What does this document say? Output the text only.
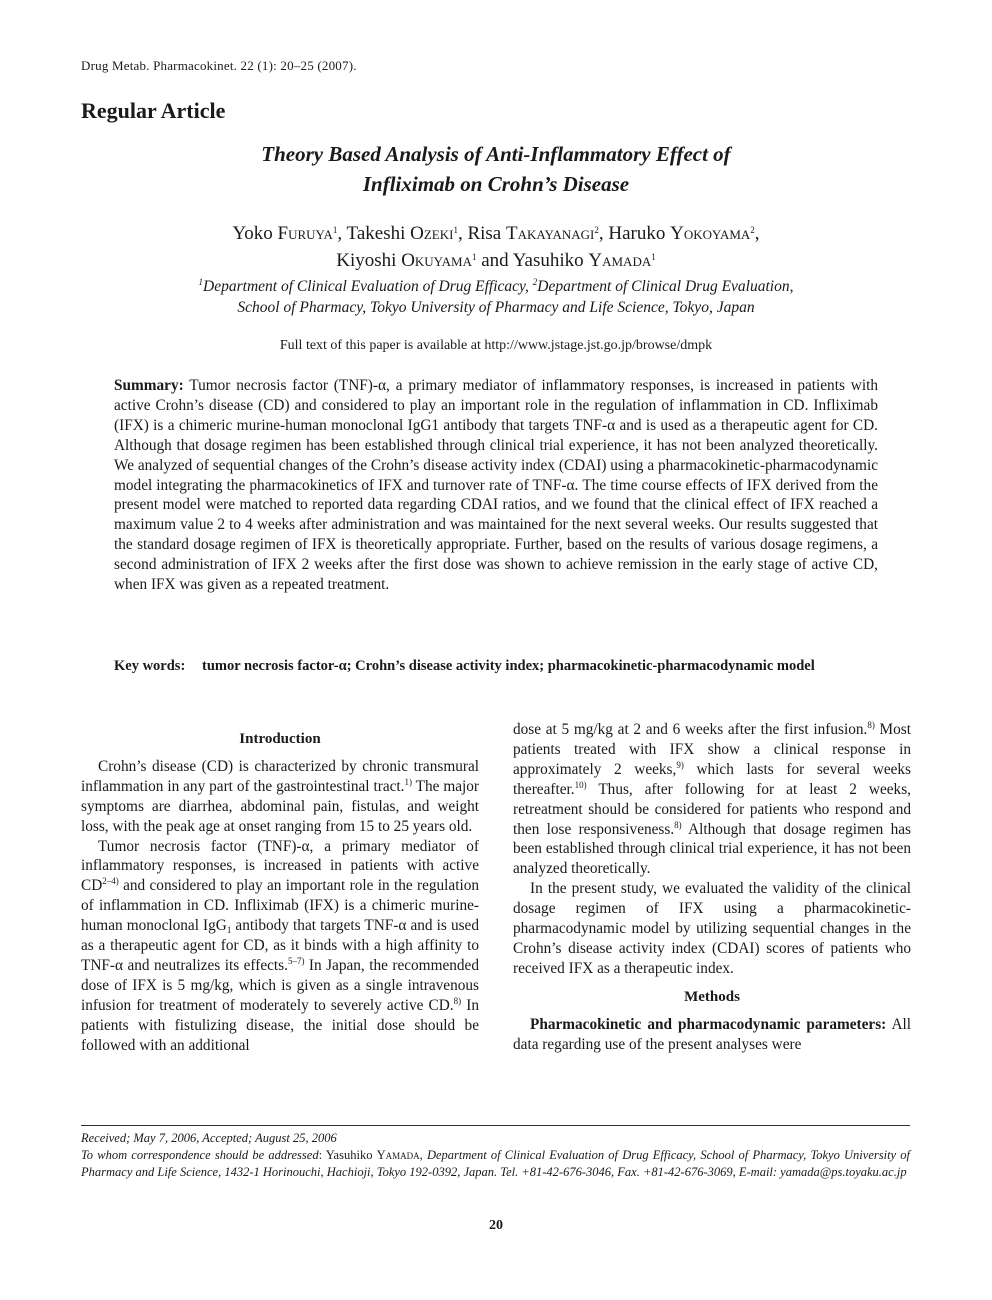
Drug Metab. Pharmacokinet. 22 (1): 20–25 (2007).
Regular Article
Theory Based Analysis of Anti-Inflammatory Effect of
Infliximab on Crohn’s Disease
Yoko Furuya$^1$, Takeshi Ozeki$^1$, Risa Takayanagi$^2$, Haruko Yokoyama$^2$,
Kiyoshi Okuyama$^1$ and Yasuhiko Yamada$^1$
$^1$Department of Clinical Evaluation of Drug Efficacy, $^2$Department of Clinical Drug Evaluation,
School of Pharmacy, Tokyo University of Pharmacy and Life Science, Tokyo, Japan
Full text of this paper is available at http://www.jstage.jst.go.jp/browse/dmpk
Summary: Tumor necrosis factor (TNF)-α, a primary mediator of inflammatory responses, is increased in patients with active Crohn’s disease (CD) and considered to play an important role in the regulation of inflammation in CD. Infliximab (IFX) is a chimeric murine-human monoclonal IgG1 antibody that targets TNF-α and is used as a therapeutic agent for CD. Although that dosage regimen has been established through clinical trial experience, it has not been analyzed theoretically. We analyzed of sequential changes of the Crohn’s disease activity index (CDAI) using a pharmacokinetic-pharmacodynamic model integrating the pharmacokinetics of IFX and turnover rate of TNF-α. The time course effects of IFX derived from the present model were matched to reported data regarding CDAI ratios, and we found that the clinical effect of IFX reached a maximum value 2 to 4 weeks after administration and was maintained for the next several weeks. Our results suggested that the standard dosage regimen of IFX is theoretically appropriate. Further, based on the results of various dosage regimens, a second administration of IFX 2 weeks after the first dose was shown to achieve remission in the early stage of active CD, when IFX was given as a repeated treatment.
Key words:	tumor necrosis factor-α; Crohn’s disease activity index; pharmacokinetic-pharmacodynamic model
Introduction

Crohn’s disease (CD) is characterized by chronic transmural inflammation in any part of the gastrointestinal tract.$^{1)}$ The major symptoms are diarrhea, abdominal pain, fistulas, and weight loss, with the peak age at onset ranging from 15 to 25 years old.

Tumor necrosis factor (TNF)-α, a primary mediator of inflammatory responses, is increased in patients with active CD$^{2-4)}$ and considered to play an important role in the regulation of inflammation in CD. Infliximab (IFX) is a chimeric murine-human monoclonal IgG$_1$ antibody that targets TNF-α and is used as a therapeutic agent for CD, as it binds with a high affinity to TNF-α and neutralizes its effects.$^{5-7)}$ In Japan, the recommended dose of IFX is 5 mg/kg, which is given as a single intravenous infusion for treatment of moderately to severely active CD.$^{8)}$ In patients with fistulizing disease, the initial dose should be followed with an additional

dose at 5 mg/kg at 2 and 6 weeks after the first infusion.$^{8)}$ Most patients treated with IFX show a clinical response in approximately 2 weeks,$^{9)}$ which lasts for several weeks thereafter.$^{10)}$ Thus, after following for at least 2 weeks, retreatment should be considered for patients who respond and then lose responsiveness.$^{8)}$ Although that dosage regimen has been established through clinical trial experience, it has not been analyzed theoretically.

In the present study, we evaluated the validity of the clinical dosage regimen of IFX using a pharmacokinetic-pharmacodynamic model by utilizing sequential changes in the Crohn’s disease activity index (CDAI) scores of patients who received IFX as a therapeutic index.

Methods

Pharmacokinetic and pharmacodynamic parameters: All data regarding use of the present analyses were

Received; May 7, 2006, Accepted; August 25, 2006
To whom correspondence should be addressed: Yasuhiko Yamada, Department of Clinical Evaluation of Drug Efficacy, School of Pharmacy, Tokyo University of Pharmacy and Life Science, 1432-1 Horinouchi, Hachioji, Tokyo 192-0392, Japan. Tel. +81-42-676-3046, Fax. +81-42-676-3069, E-mail: yamada@ps.toyaku.ac.jp
20
